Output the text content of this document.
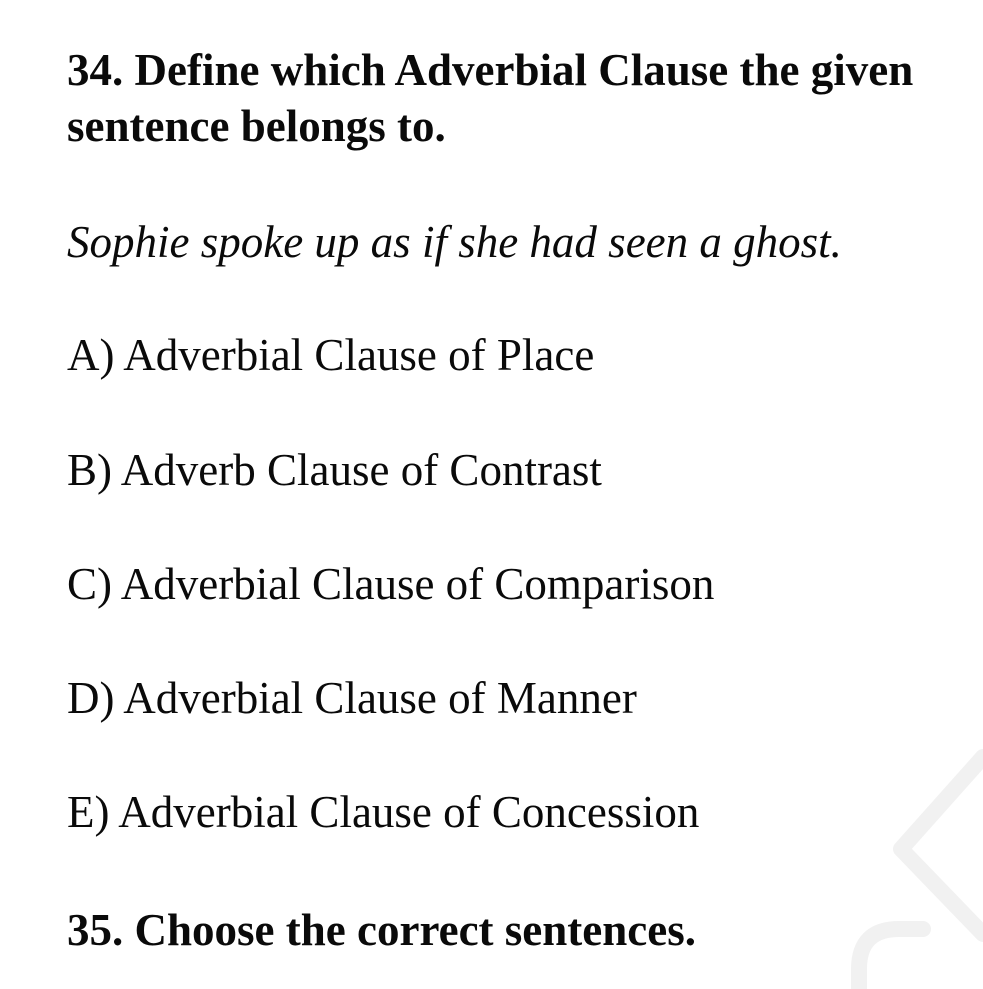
34. Define which Adverbial Clause the given sentence belongs to.

Sophie spoke up as if she had seen a ghost.

A) Adverbial Clause of Place

B) Adverb Clause of Contrast

C) Adverbial Clause of Comparison

D) Adverbial Clause of Manner

E) Adverbial Clause of Concession

35. Choose the correct sentences.
